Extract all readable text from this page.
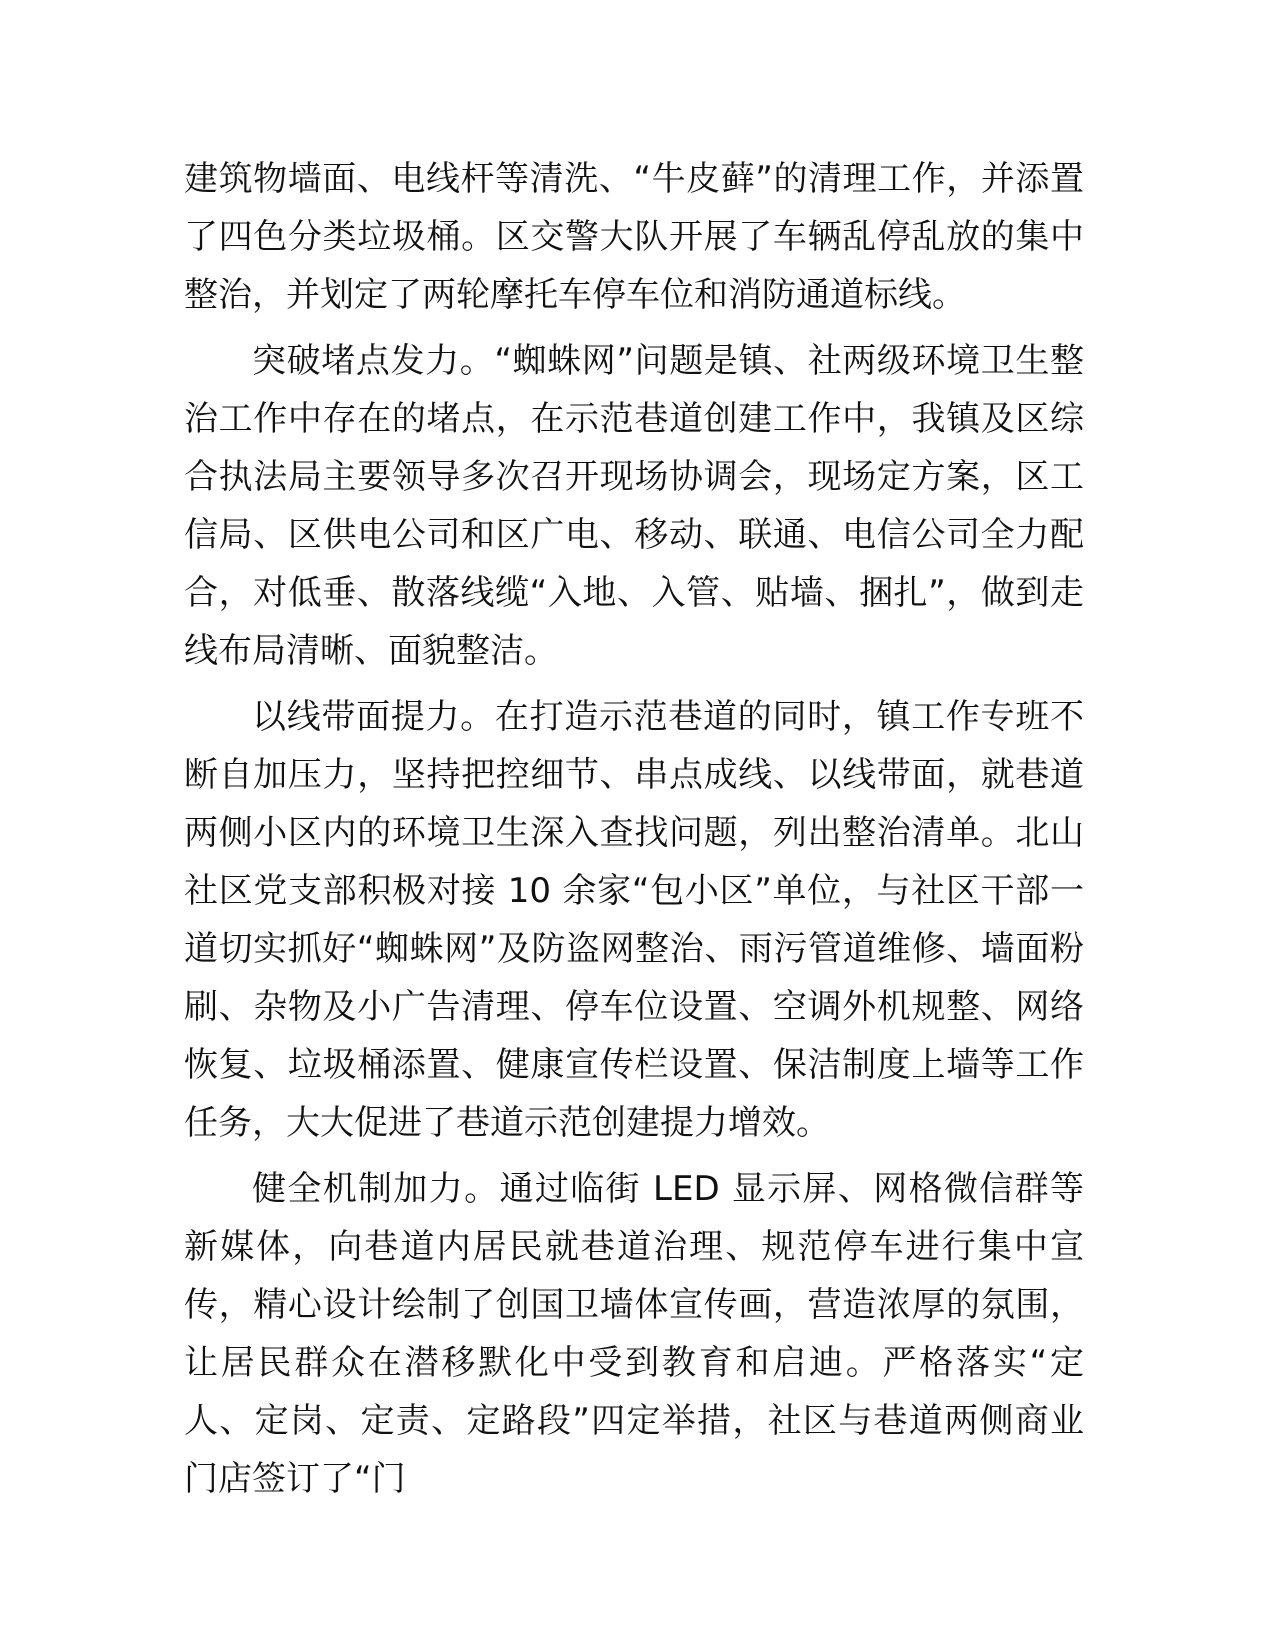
建筑物墙面、电线杆等清洗、“牛皮藓”的清理工作，并添置了四色分类垃圾桶。区交警大队开展了车辆乱停乱放的集中整治，并划定了两轮摩托车停车位和消防通道标线。

突破堵点发力。“蜘蛛网”问题是镇、社两级环境卫生整治工作中存在的堵点，在示范巷道创建工作中，我镇及区综合执法局主要领导多次召开现场协调会，现场定方案，区工信局、区供电公司和区广电、移动、联通、电信公司全力配合，对低垂、散落线缆“入地、入管、贴墙、捆扎”，做到走线布局清晰、面貌整洁。

以线带面提力。在打造示范巷道的同时，镇工作专班不断自加压力，坚持把控细节、串点成线、以线带面，就巷道两侧小区内的环境卫生深入查找问题，列出整治清单。北山社区党支部积极对接 10 余家“包小区”单位，与社区干部一道切实抓好“蜘蛛网”及防盗网整治、雨污管道维修、墙面粉刷、杂物及小广告清理、停车位设置、空调外机规整、网络恢复、垃圾桶添置、健康宣传栏设置、保洁制度上墙等工作任务，大大促进了巷道示范创建提力增效。

健全机制加力。通过临街 LED 显示屏、网格微信群等新媒体，向巷道内居民就巷道治理、规范停车进行集中宣传，精心设计绘制了创国卫墙体宣传画，营造浓厚的氛围，让居民群众在潜移默化中受到教育和启迪。严格落实“定人、定岗、定责、定路段”四定举措，社区与巷道两侧商业门店签订了“门
